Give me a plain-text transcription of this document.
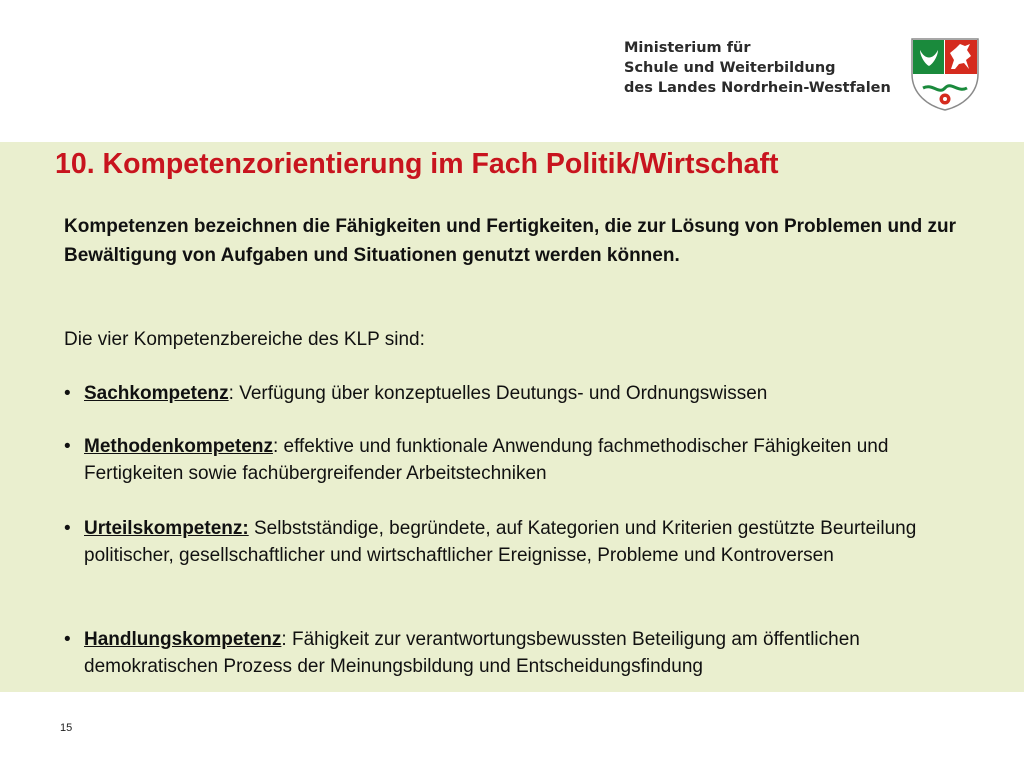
Ministerium für
Schule und Weiterbildung
des Landes Nordrhein-Westfalen
10. Kompetenzorientierung im Fach Politik/Wirtschaft
Kompetenzen bezeichnen die Fähigkeiten und Fertigkeiten, die zur Lösung von Problemen und zur Bewältigung von Aufgaben und Situationen genutzt werden können.
Die vier Kompetenzbereiche des KLP sind:
• Sachkompetenz: Verfügung über konzeptuelles Deutungs- und Ordnungswissen
• Methodenkompetenz: effektive und funktionale Anwendung fachmethodischer Fähigkeiten und Fertigkeiten sowie fachübergreifender Arbeitstechniken
• Urteilskompetenz: Selbstständige, begründete, auf Kategorien und Kriterien gestützte Beurteilung politischer, gesellschaftlicher und wirtschaftlicher Ereignisse, Probleme und Kontroversen
• Handlungskompetenz: Fähigkeit zur verantwortungsbewussten Beteiligung am öffentlichen demokratischen Prozess der Meinungsbildung und Entscheidungsfindung
15
